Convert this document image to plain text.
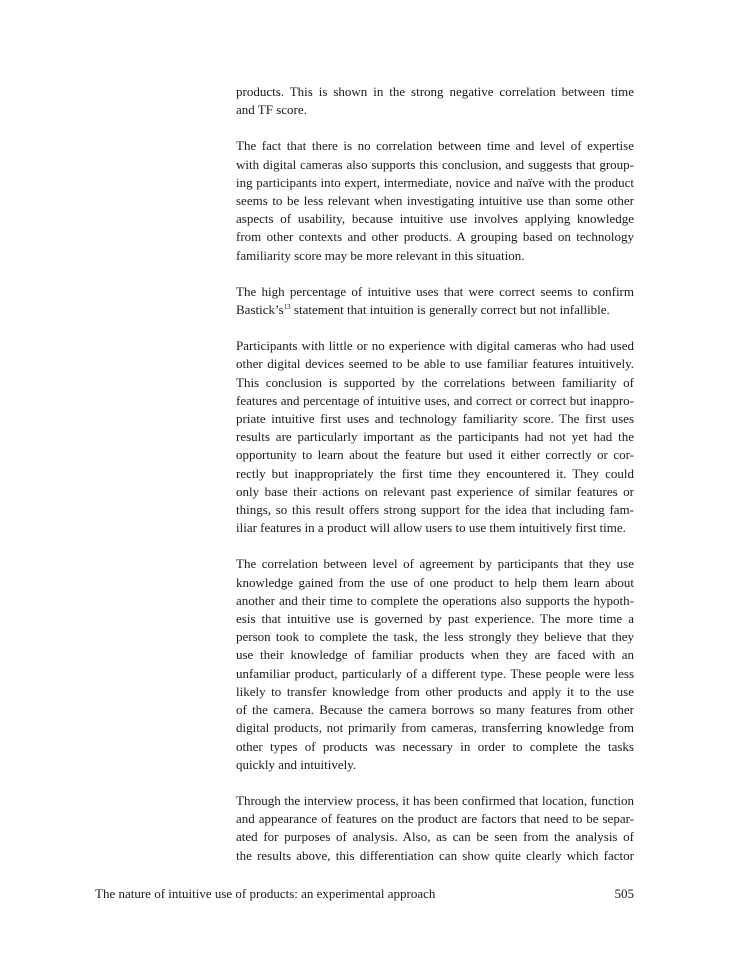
products. This is shown in the strong negative correlation between time
and TF score.

The fact that there is no correlation between time and level of expertise
with digital cameras also supports this conclusion, and suggests that group-
ing participants into expert, intermediate, novice and naïve with the product
seems to be less relevant when investigating intuitive use than some other
aspects of usability, because intuitive use involves applying knowledge
from other contexts and other products. A grouping based on technology
familiarity score may be more relevant in this situation.

The high percentage of intuitive uses that were correct seems to confirm
$Bastick’s^{13}$ statement that intuition is generally correct but not infallible.

Participants with little or no experience with digital cameras who had used
other digital devices seemed to be able to use familiar features intuitively.
This conclusion is supported by the correlations between familiarity of
features and percentage of intuitive uses, and correct or correct but inappro-
priate intuitive first uses and technology familiarity score. The first uses
results are particularly important as the participants had not yet had the
opportunity to learn about the feature but used it either correctly or cor-
rectly but inappropriately the first time they encountered it. They could
only base their actions on relevant past experience of similar features or
things, so this result offers strong support for the idea that including fam-
iliar features in a product will allow users to use them intuitively first time.

The correlation between level of agreement by participants that they use
knowledge gained from the use of one product to help them learn about
another and their time to complete the operations also supports the hypoth-
esis that intuitive use is governed by past experience. The more time a
person took to complete the task, the less strongly they believe that they
use their knowledge of familiar products when they are faced with an
unfamiliar product, particularly of a different type. These people were less
likely to transfer knowledge from other products and apply it to the use
of the camera. Because the camera borrows so many features from other
digital products, not primarily from cameras, transferring knowledge from
other types of products was necessary in order to complete the tasks
quickly and intuitively.

Through the interview process, it has been confirmed that location, function
and appearance of features on the product are factors that need to be separ-
ated for purposes of analysis. Also, as can be seen from the analysis of
the results above, this differentiation can show quite clearly which factor

The nature of intuitive use of products: an experimental approach	505
